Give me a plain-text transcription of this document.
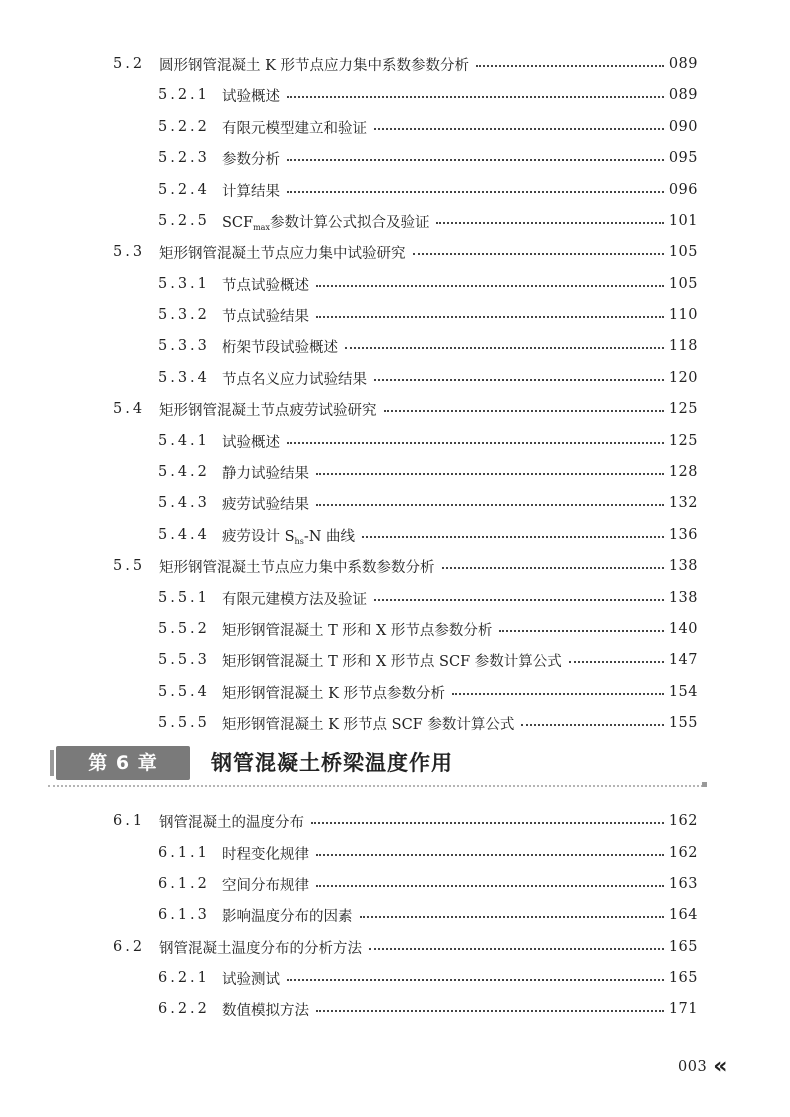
5.2 圆形钢管混凝土 K 形节点应力集中系数参数分析	089
5.2.1 试验概述	089
5.2.2 有限元模型建立和验证	090
5.2.3 参数分析	095
5.2.4 计算结果	096
5.2.5 $SCF_{max}$参数计算公式拟合及验证	101
5.3 矩形钢管混凝土节点应力集中试验研究	105
5.3.1 节点试验概述	105
5.3.2 节点试验结果	110
5.3.3 桁架节段试验概述	118
5.3.4 节点名义应力试验结果	120
5.4 矩形钢管混凝土节点疲劳试验研究	125
5.4.1 试验概述	125
5.4.2 静力试验结果	128
5.4.3 疲劳试验结果	132
5.4.4 疲劳设计 $S_{hs}-N$ 曲线	136
5.5 矩形钢管混凝土节点应力集中系数参数分析	138
5.5.1 有限元建模方法及验证	138
5.5.2 矩形钢管混凝土 T 形和 X 形节点参数分析	140
5.5.3 矩形钢管混凝土 T 形和 X 形节点 SCF 参数计算公式	147
5.5.4 矩形钢管混凝土 K 形节点参数分析	154
5.5.5 矩形钢管混凝土 K 形节点 SCF 参数计算公式	155
第 6 章	钢管混凝土桥梁温度作用
6.1 钢管混凝土的温度分布	162
6.1.1 时程变化规律	162
6.1.2 空间分布规律	163
6.1.3 影响温度分布的因素	164
6.2 钢管混凝土温度分布的分析方法	165
6.2.1 试验测试	165
6.2.2 数值模拟方法	171
003 «
